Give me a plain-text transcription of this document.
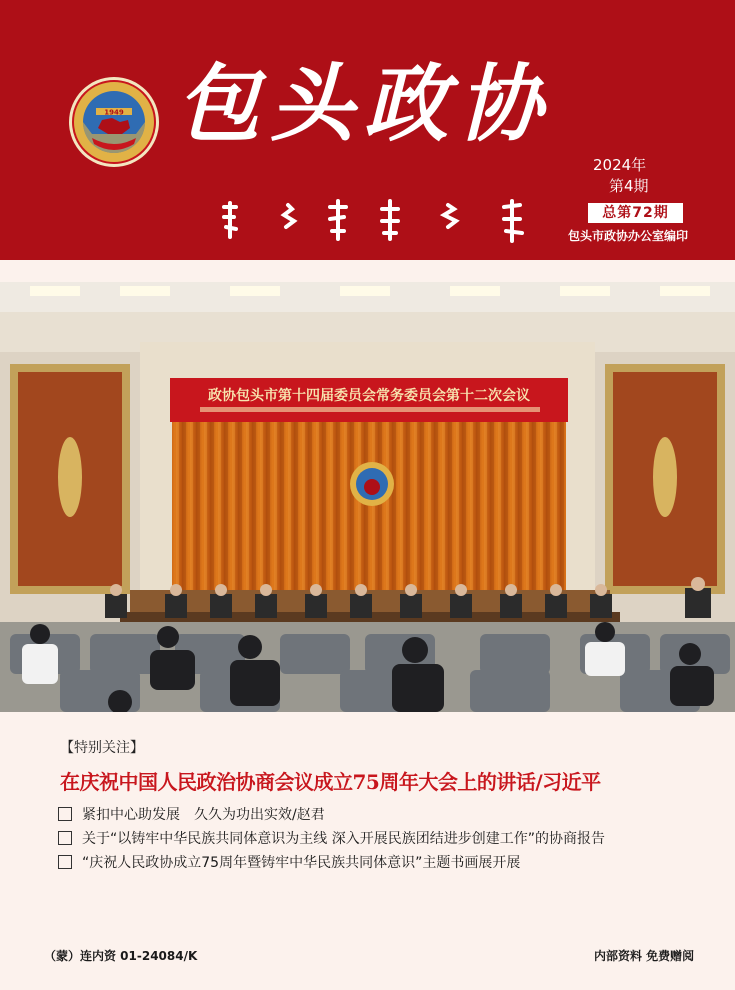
1949 包头政协
2024年
第4期
总第72期
包头市政协办公室编印
政协包头市第十四届委员会常务委员会第十二次会议
【特别关注】
在庆祝中国人民政治协商会议成立75周年大会上的讲话/习近平
紧扣中心助发展　久久为功出实效/赵君
关于“以铸牢中华民族共同体意识为主线 深入开展民族团结进步创建工作”的协商报告
“庆祝人民政协成立75周年暨铸牢中华民族共同体意识”主题书画展开展
（蒙）连内资 01-24084/K	内部资料 免费赠阅
